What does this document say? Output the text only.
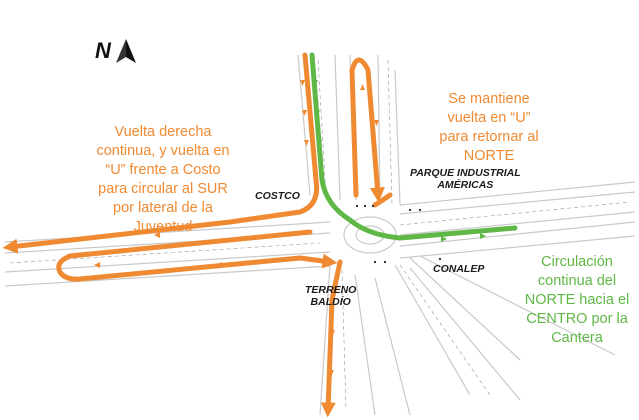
N
Vuelta derecha
continua, y vuelta en
“U” frente a Costo
para circular al SUR
por lateral de la
Juventud
Se mantiene
vuelta en “U”
para retornar al
NORTE
Circulación
continua del
NORTE hacia el
CENTRO por la
Cantera
COSTCO
PARQUE INDUSTRIAL
AMÉRICAS
CONALEP
TERRENO
BALDÍO
